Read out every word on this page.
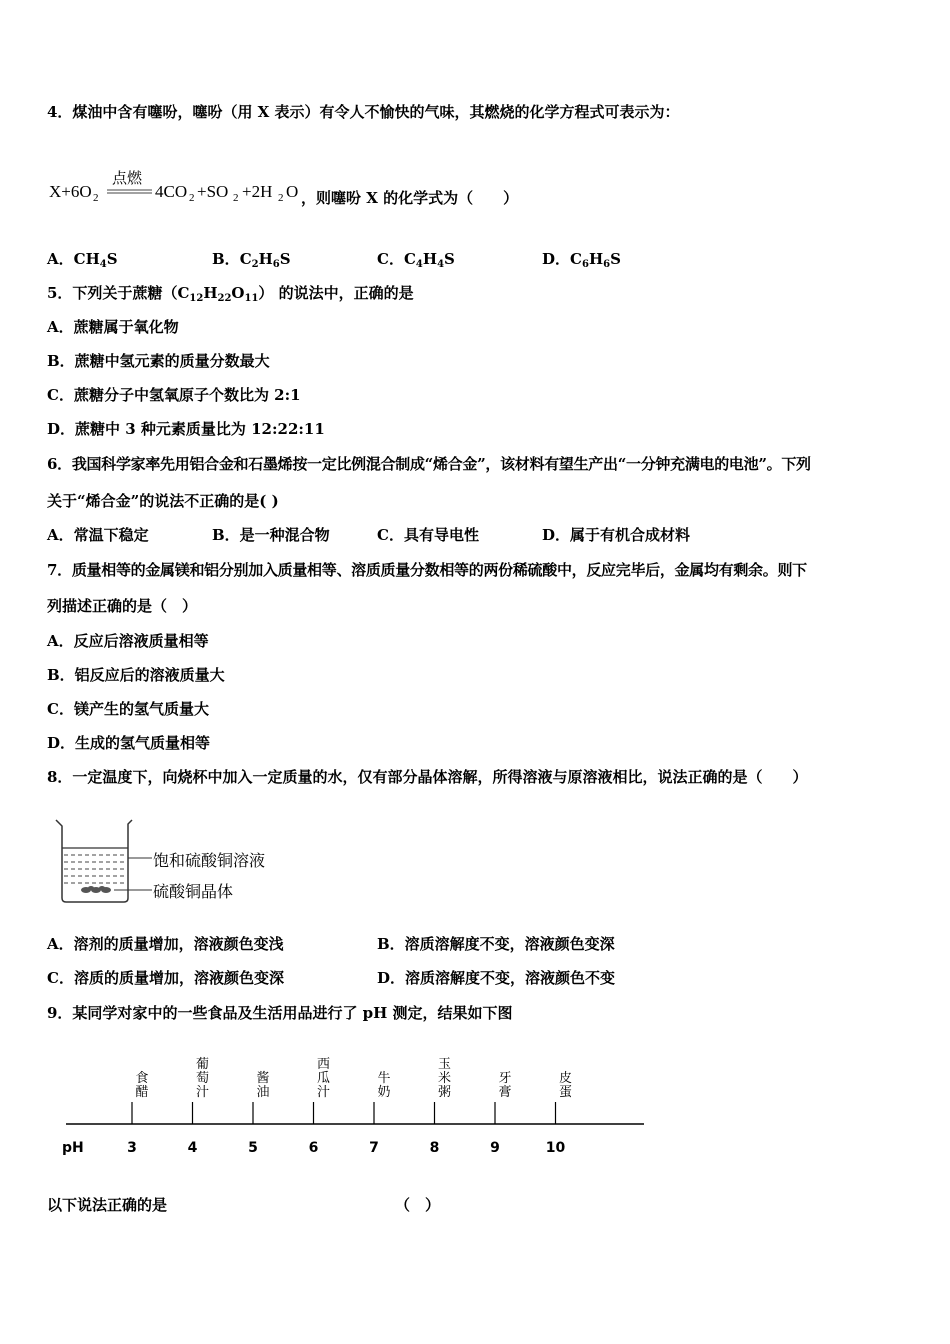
4．煤油中含有噻吩，噻吩（用 X 表示）有令人不愉快的气味，其燃烧的化学方程式可表示为：
X+6O 2
点燃
4CO 2 +SO 2 +2H 2 O ，则噻吩 X 的化学式为（　　）
A．$CH_4S$	B．$C_2H_6S$	C．$C_4H_4S$	D．$C_6H_6S$
5．下列关于蔗糖$(C_{12}H_{22}O_{11})$ 的说法中，正确的是
A．蔗糖属于氧化物
B．蔗糖中氢元素的质量分数最大
C．蔗糖分子中氢氧原子个数比为 2:1
D．蔗糖中 3 种元素质量比为 12:22:11
6．我国科学家率先用铝合金和石墨烯按一定比例混合制成“烯合金”，该材料有望生产出“一分钟充满电的电池”。下列
关于“烯合金”的说法不正确的是( )
A．常温下稳定	B．是一种混合物	C．具有导电性	D．属于有机合成材料
7．质量相等的金属镁和铝分别加入质量相等、溶质质量分数相等的两份稀硫酸中，反应完毕后，金属均有剩余。则下
列描述正确的是（　）
A．反应后溶液质量相等
B．铝反应后的溶液质量大
C．镁产生的氢气质量大
D．生成的氢气质量相等
8．一定温度下，向烧杯中加入一定质量的水，仅有部分晶体溶解，所得溶液与原溶液相比，说法正确的是（　　）
饱和硫酸铜溶液
硫酸铜晶体
A．溶剂的质量增加，溶液颜色变浅	B．溶质溶解度不变，溶液颜色变深
C．溶质的质量增加，溶液颜色变深	D．溶质溶解度不变，溶液颜色不变
9．某同学对家中的一些食品及生活用品进行了 pH 测定，结果如下图
pH
食
醋
葡
萄
汁
酱
油
西
瓜
汁
牛
奶
玉
米
粥
牙
膏
皮
蛋
3	4	5	6	7	8	9	10
以下说法正确的是	（　）
